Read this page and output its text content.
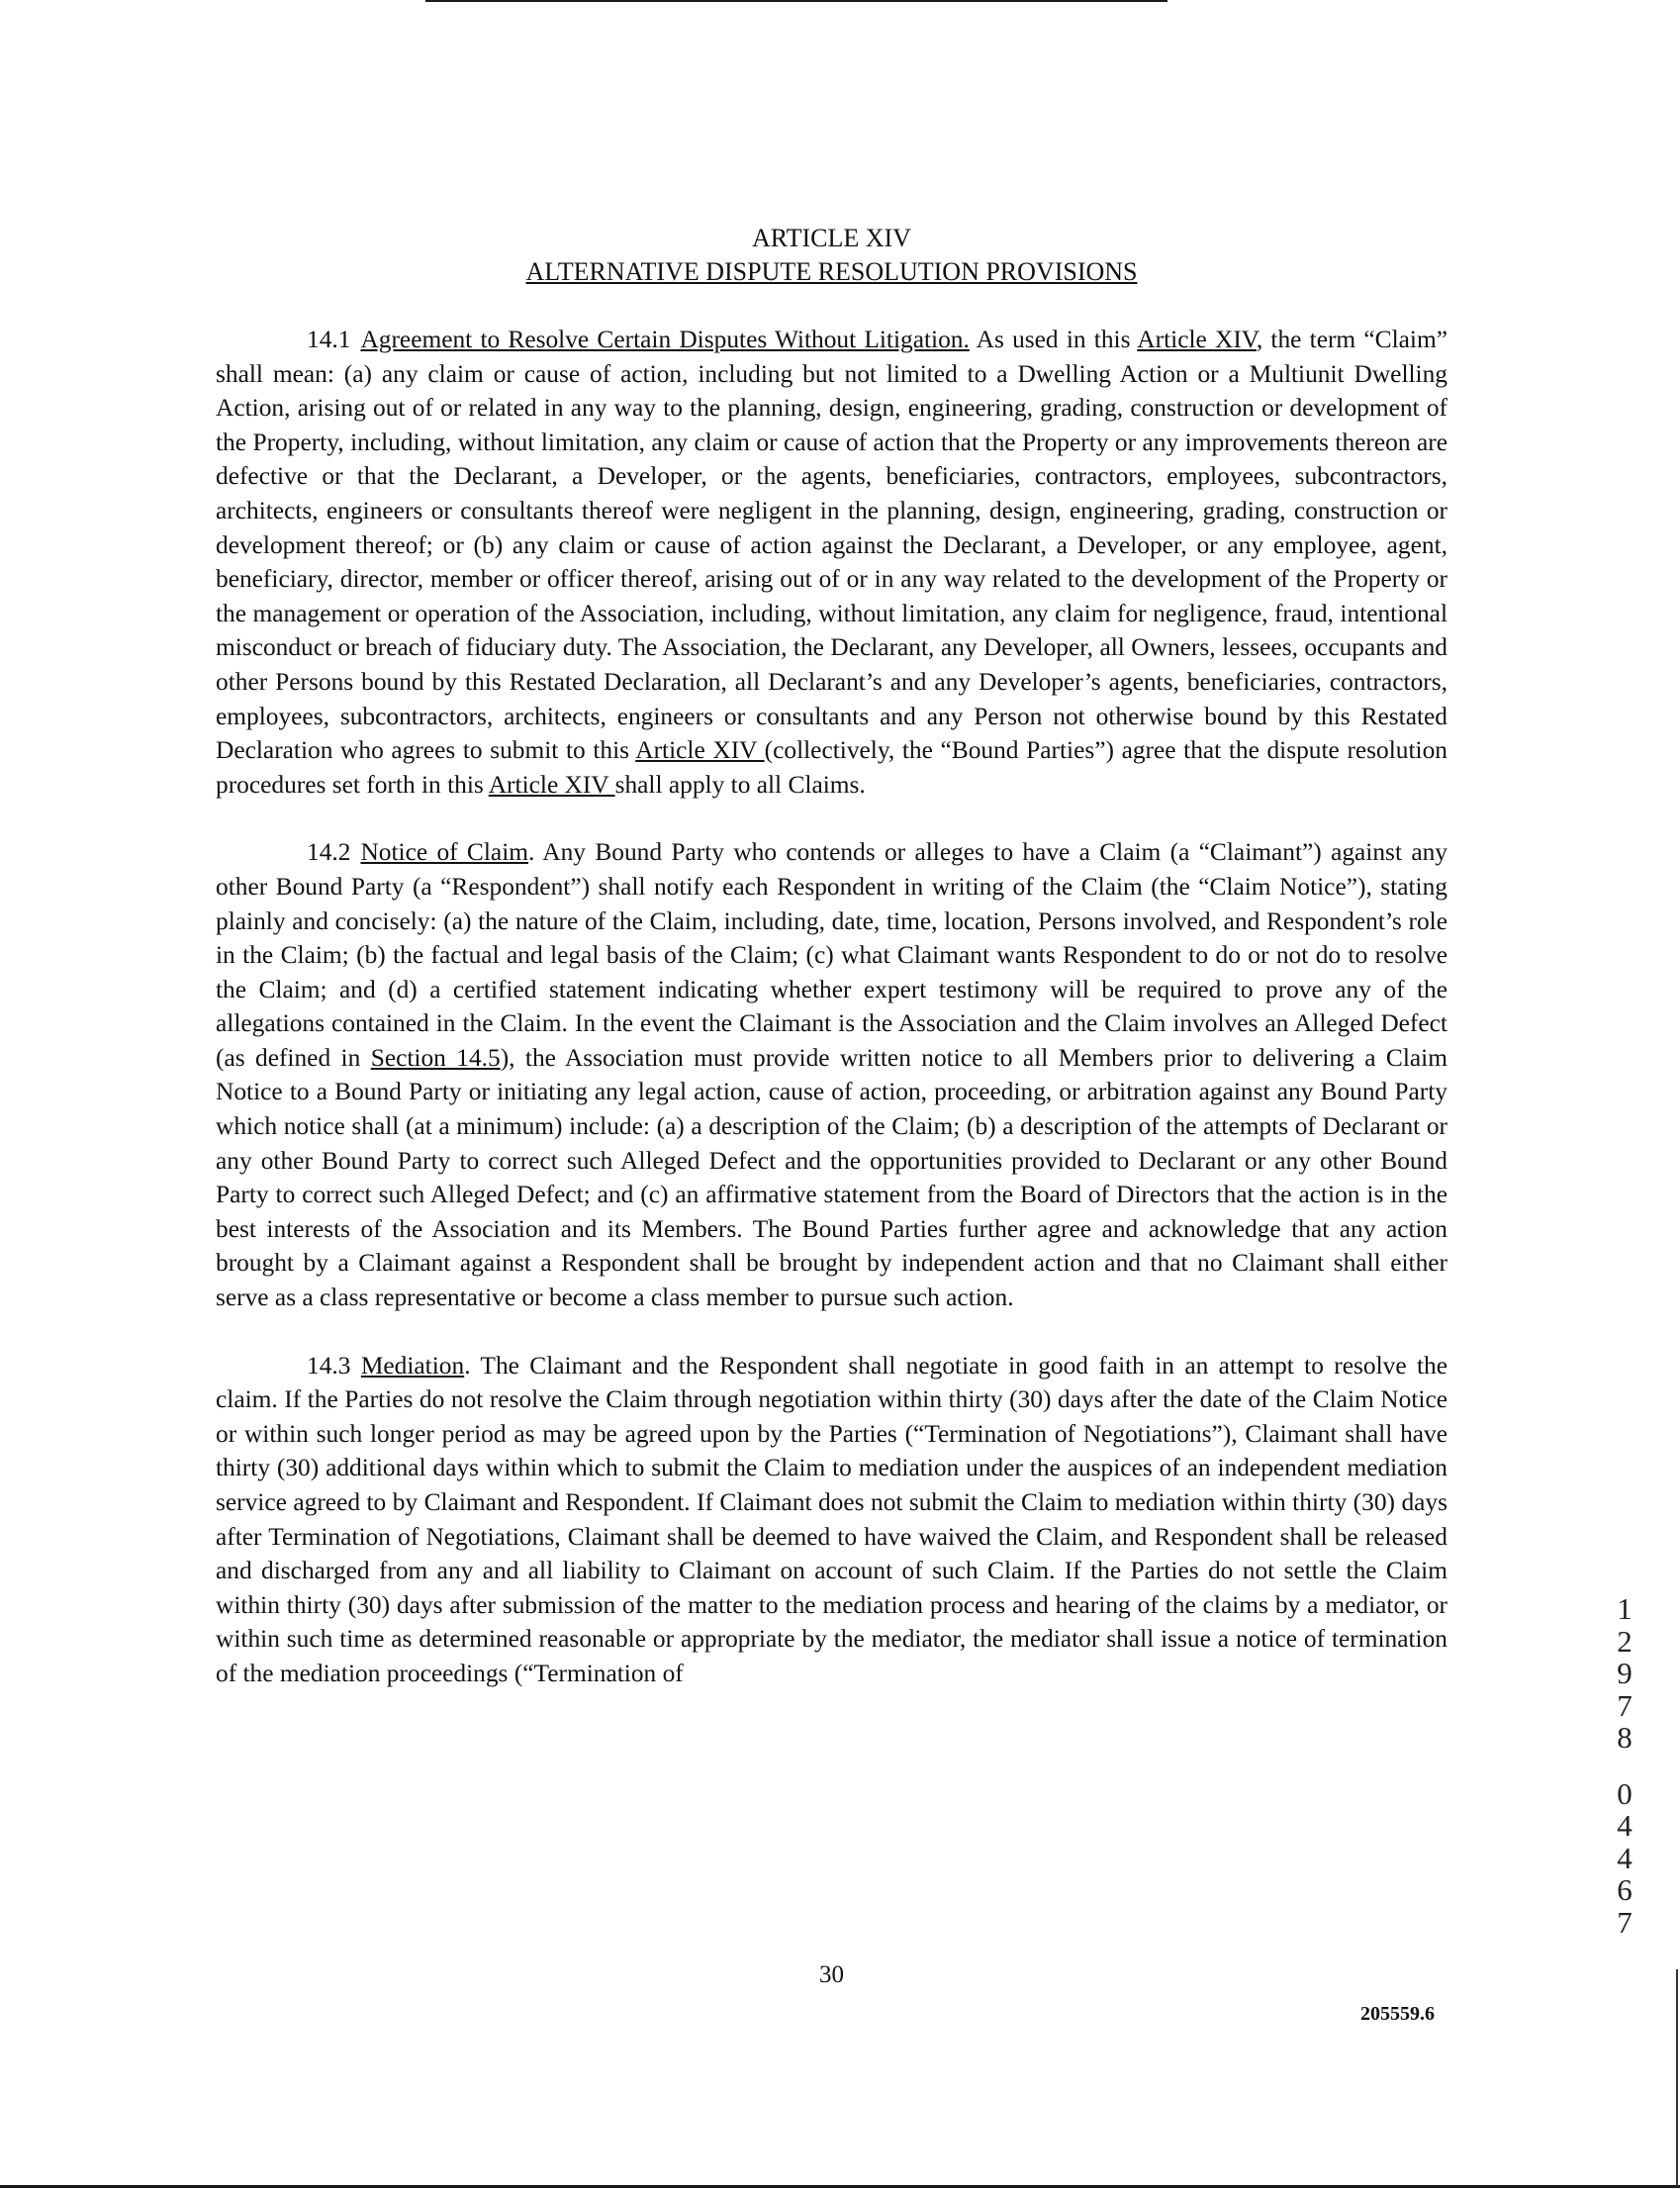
ARTICLE XIV
ALTERNATIVE DISPUTE RESOLUTION PROVISIONS

14.1 Agreement to Resolve Certain Disputes Without Litigation. As used in this Article XIV, the term “Claim” shall mean: (a) any claim or cause of action, including but not limited to a Dwelling Action or a Multiunit Dwelling Action, arising out of or related in any way to the planning, design, engineering, grading, construction or development of the Property, including, without limitation, any claim or cause of action that the Property or any improvements thereon are defective or that the Declarant, a Developer, or the agents, beneficiaries, contractors, employees, subcontractors, architects, engineers or consultants thereof were negligent in the planning, design, engineering, grading, construction or development thereof; or (b) any claim or cause of action against the Declarant, a Developer, or any employee, agent, beneficiary, director, member or officer thereof, arising out of or in any way related to the development of the Property or the management or operation of the Association, including, without limitation, any claim for negligence, fraud, intentional misconduct or breach of fiduciary duty. The Association, the Declarant, any Developer, all Owners, lessees, occupants and other Persons bound by this Restated Declaration, all Declarant’s and any Developer’s agents, beneficiaries, contractors, employees, subcontractors, architects, engineers or consultants and any Person not otherwise bound by this Restated Declaration who agrees to submit to this Article XIV (collectively, the “Bound Parties”) agree that the dispute resolution procedures set forth in this Article XIV shall apply to all Claims.

14.2 Notice of Claim. Any Bound Party who contends or alleges to have a Claim (a “Claimant”) against any other Bound Party (a “Respondent”) shall notify each Respondent in writing of the Claim (the “Claim Notice”), stating plainly and concisely: (a) the nature of the Claim, including, date, time, location, Persons involved, and Respondent’s role in the Claim; (b) the factual and legal basis of the Claim; (c) what Claimant wants Respondent to do or not do to resolve the Claim; and (d) a certified statement indicating whether expert testimony will be required to prove any of the allegations contained in the Claim. In the event the Claimant is the Association and the Claim involves an Alleged Defect (as defined in Section 14.5), the Association must provide written notice to all Members prior to delivering a Claim Notice to a Bound Party or initiating any legal action, cause of action, proceeding, or arbitration against any Bound Party which notice shall (at a minimum) include: (a) a description of the Claim; (b) a description of the attempts of Declarant or any other Bound Party to correct such Alleged Defect and the opportunities provided to Declarant or any other Bound Party to correct such Alleged Defect; and (c) an affirmative statement from the Board of Directors that the action is in the best interests of the Association and its Members. The Bound Parties further agree and acknowledge that any action brought by a Claimant against a Respondent shall be brought by independent action and that no Claimant shall either serve as a class representative or become a class member to pursue such action.

14.3 Mediation. The Claimant and the Respondent shall negotiate in good faith in an attempt to resolve the claim. If the Parties do not resolve the Claim through negotiation within thirty (30) days after the date of the Claim Notice or within such longer period as may be agreed upon by the Parties (“Termination of Negotiations”), Claimant shall have thirty (30) additional days within which to submit the Claim to mediation under the auspices of an independent mediation service agreed to by Claimant and Respondent. If Claimant does not submit the Claim to mediation within thirty (30) days after Termination of Negotiations, Claimant shall be deemed to have waived the Claim, and Respondent shall be released and discharged from any and all liability to Claimant on account of such Claim. If the Parties do not settle the Claim within thirty (30) days after submission of the matter to the mediation process and hearing of the claims by a mediator, or within such time as determined reasonable or appropriate by the mediator, the mediator shall issue a notice of termination of the mediation proceedings (“Termination of

30
205559.6
1
2
9
7
8
0
4
4
6
7
